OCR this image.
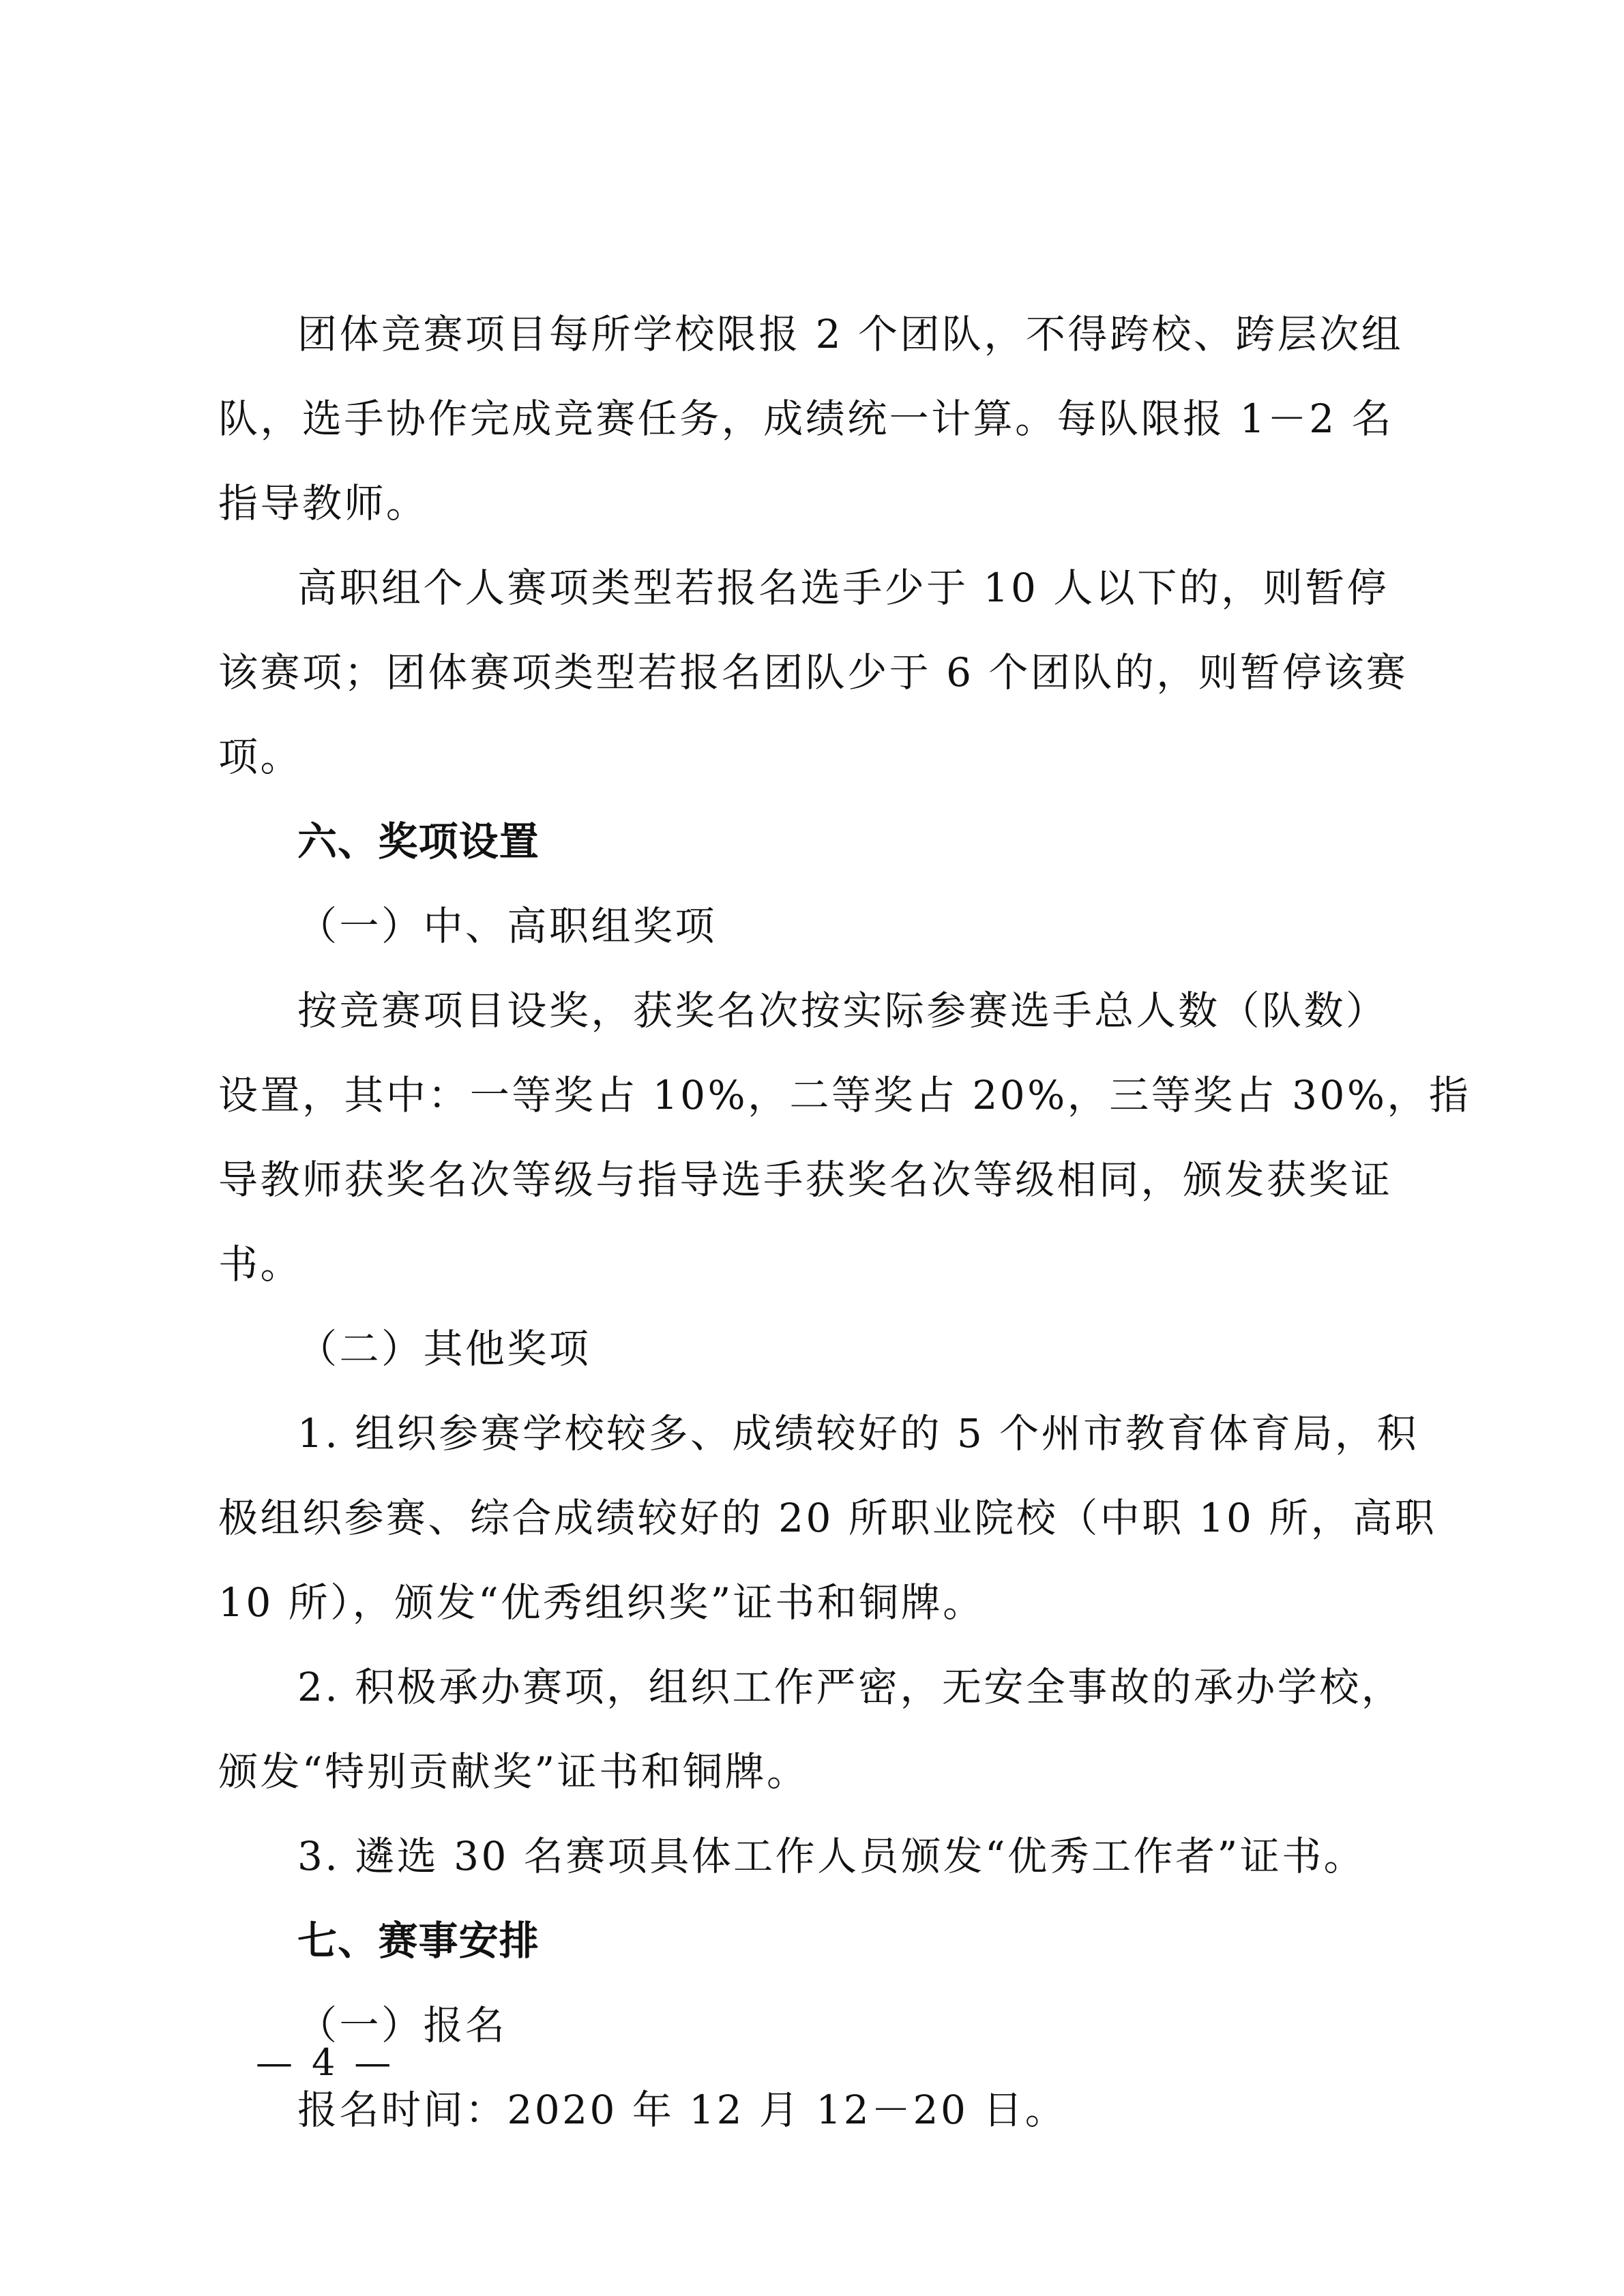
团体竞赛项目每所学校限报 2 个团队，不得跨校、跨层次组
队，选手协作完成竞赛任务，成绩统一计算。每队限报 1－2 名
指导教师。

高职组个人赛项类型若报名选手少于 10 人以下的，则暂停
该赛项；团体赛项类型若报名团队少于 6 个团队的，则暂停该赛
项。

六、奖项设置

（一）中、高职组奖项

按竞赛项目设奖，获奖名次按实际参赛选手总人数（队数）
设置，其中：一等奖占 10%，二等奖占 20%，三等奖占 30%，指
导教师获奖名次等级与指导选手获奖名次等级相同，颁发获奖证
书。

（二）其他奖项

1. 组织参赛学校较多、成绩较好的 5 个州市教育体育局，积
极组织参赛、综合成绩较好的 20 所职业院校（中职 10 所，高职
10 所），颁发“优秀组织奖”证书和铜牌。

2. 积极承办赛项，组织工作严密，无安全事故的承办学校，
颁发“特别贡献奖”证书和铜牌。

3. 遴选 30 名赛项具体工作人员颁发“优秀工作者”证书。

七、赛事安排

（一）报名

报名时间：2020 年 12 月 12－20 日。

— 4 —
